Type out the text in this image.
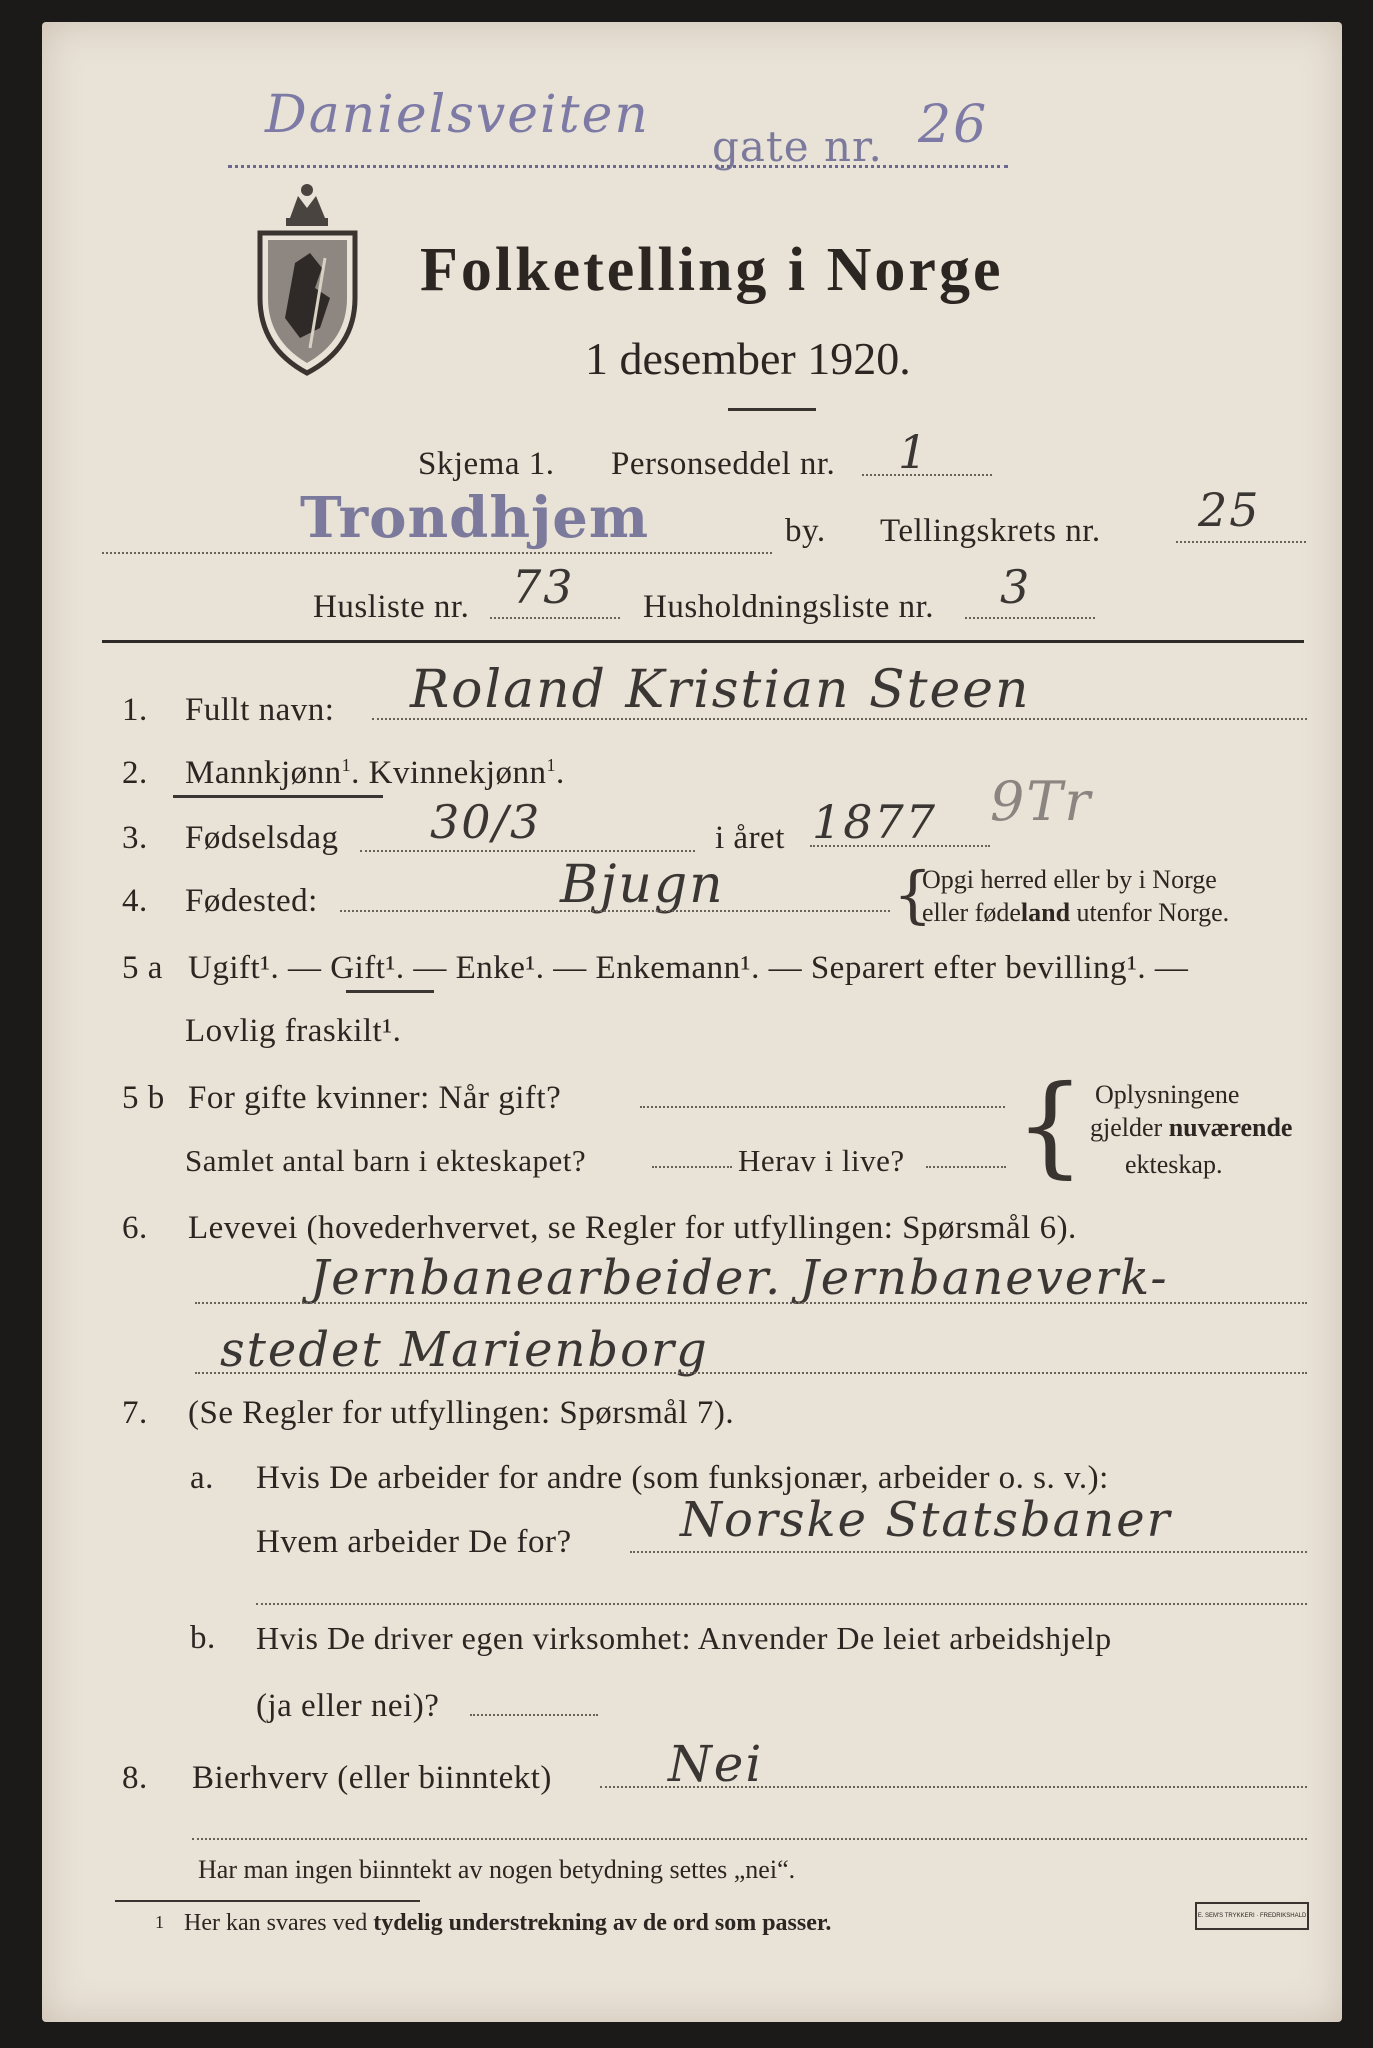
Danielsveiten
gate nr. 26
Folketelling i Norge
1 desember 1920.
Skjema 1. Personseddel nr. 1
Trondhjem	by. Tellingskrets nr. 25
Husliste nr. 73 Husholdningsliste nr. 3
1. Fullt navn: Roland Kristian Steen
2. Mannkjønn$^1$. Kvinnekjønn$^1$.
3. Fødselsdag 30/3	i året 1877 9Tr
4. Fødested:	Bjugn	{
Opgi herred eller by i Norge
eller fødeland utenfor Norge.
5 a Ugift¹. — Gift¹. — Enke¹. — Enkemann¹. — Separert efter bevilling¹. —
Lovlig fraskilt¹.
5 b For gifte kvinner: Når gift?
Samlet antal barn i ekteskapet?	Herav i live? { Oplysningene
gjelder nuværende
ekteskap.
6. Levevei (hovederhvervet, se Regler for utfyllingen: Spørsmål 6).
Jernbanearbeider. Jernbaneverk-
stedet Marienborg
7. (Se Regler for utfyllingen: Spørsmål 7).
a. Hvis De arbeider for andre (som funksjonær, arbeider o. s. v.):
Hvem arbeider De for? Norske Statsbaner
b. Hvis De driver egen virksomhet: Anvender De leiet arbeidshjelp
(ja eller nei)?
8. Bierhverv (eller biinntekt) Nei
Har man ingen biinntekt av nogen betydning settes „nei“.
1 Her kan svares ved tydelig understrekning av de ord som passer.	E. SEM'S TRYKKERI · FREDRIKSHALD
